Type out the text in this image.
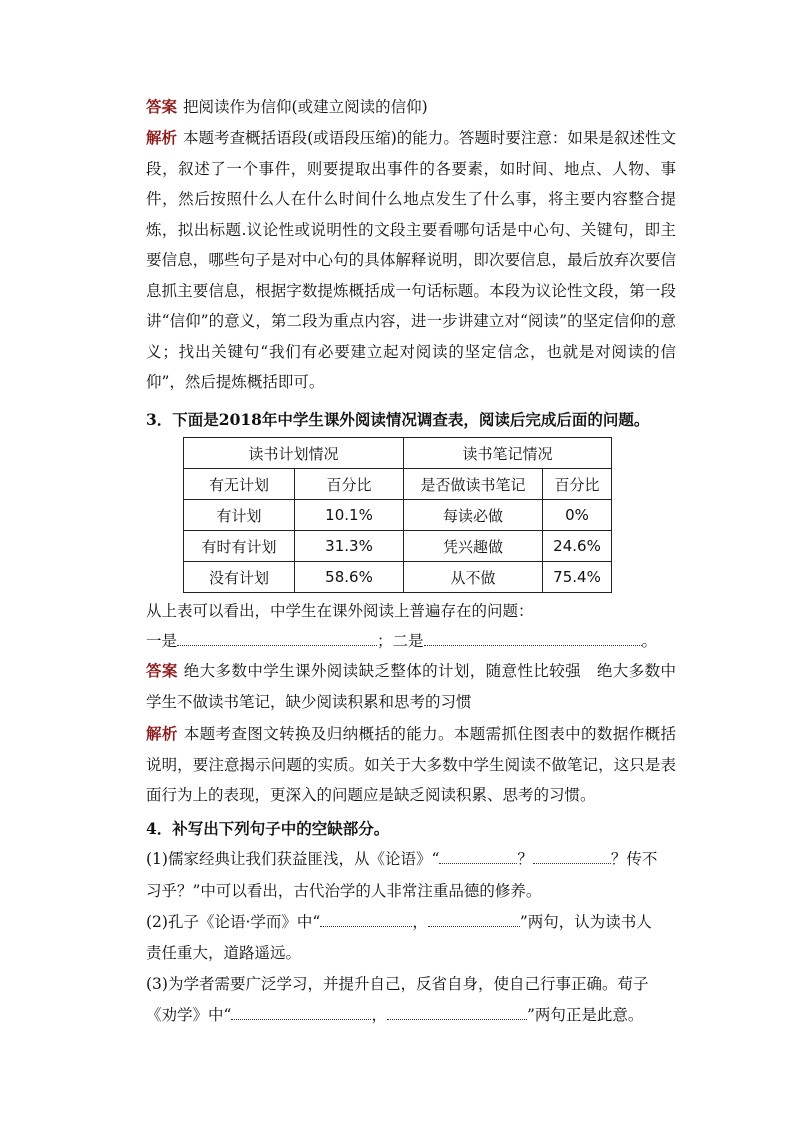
答案 把阅读作为信仰(或建立阅读的信仰)
解析 本题考查概括语段(或语段压缩)的能力。答题时要注意：如果是叙述性文段，叙述了一个事件，则要提取出事件的各要素，如时间、地点、人物、事件，然后按照什么人在什么时间什么地点发生了什么事，将主要内容整合提炼，拟出标题.议论性或说明性的文段主要看哪句话是中心句、关键句，即主要信息，哪些句子是对中心句的具体解释说明，即次要信息，最后放弃次要信息抓主要信息，根据字数提炼概括成一句话标题。本段为议论性文段，第一段讲“信仰”的意义，第二段为重点内容，进一步讲建立对“阅读”的坚定信仰的意义；找出关键句“我们有必要建立起对阅读的坚定信念，也就是对阅读的信仰”，然后提炼概括即可。
3．下面是2018年中学生课外阅读情况调查表，阅读后完成后面的问题。
读书计划情况		读书笔记情况	
有无计划	百分比	是否做读书笔记	百分比
有计划	10.1%	每读必做	0%
有时有计划	31.3%	凭兴趣做	24.6%
没有计划	58.6%	从不做	75.4%
从上表可以看出，中学生在课外阅读上普遍存在的问题：
一是	；二是	。
答案 绝大多数中学生课外阅读缺乏整体的计划，随意性比较强　绝大多数中学生不做读书笔记，缺少阅读积累和思考的习惯
解析 本题考查图文转换及归纳概括的能力。本题需抓住图表中的数据作概括说明，要注意揭示问题的实质。如关于大多数中学生阅读不做笔记，这只是表面行为上的表现，更深入的问题应是缺乏阅读积累、思考的习惯。
4．补写出下列句子中的空缺部分。
(1)儒家经典让我们获益匪浅，从《论语》“	？	？传不
习乎？”中可以看出，古代治学的人非常注重品德的修养。
(2)孔子《论语·学而》中“	，	”两句，认为读书人
责任重大，道路遥远。
(3)为学者需要广泛学习，并提升自己，反省自身，使自己行事正确。荀子
《劝学》中“	，	”两句正是此意。
